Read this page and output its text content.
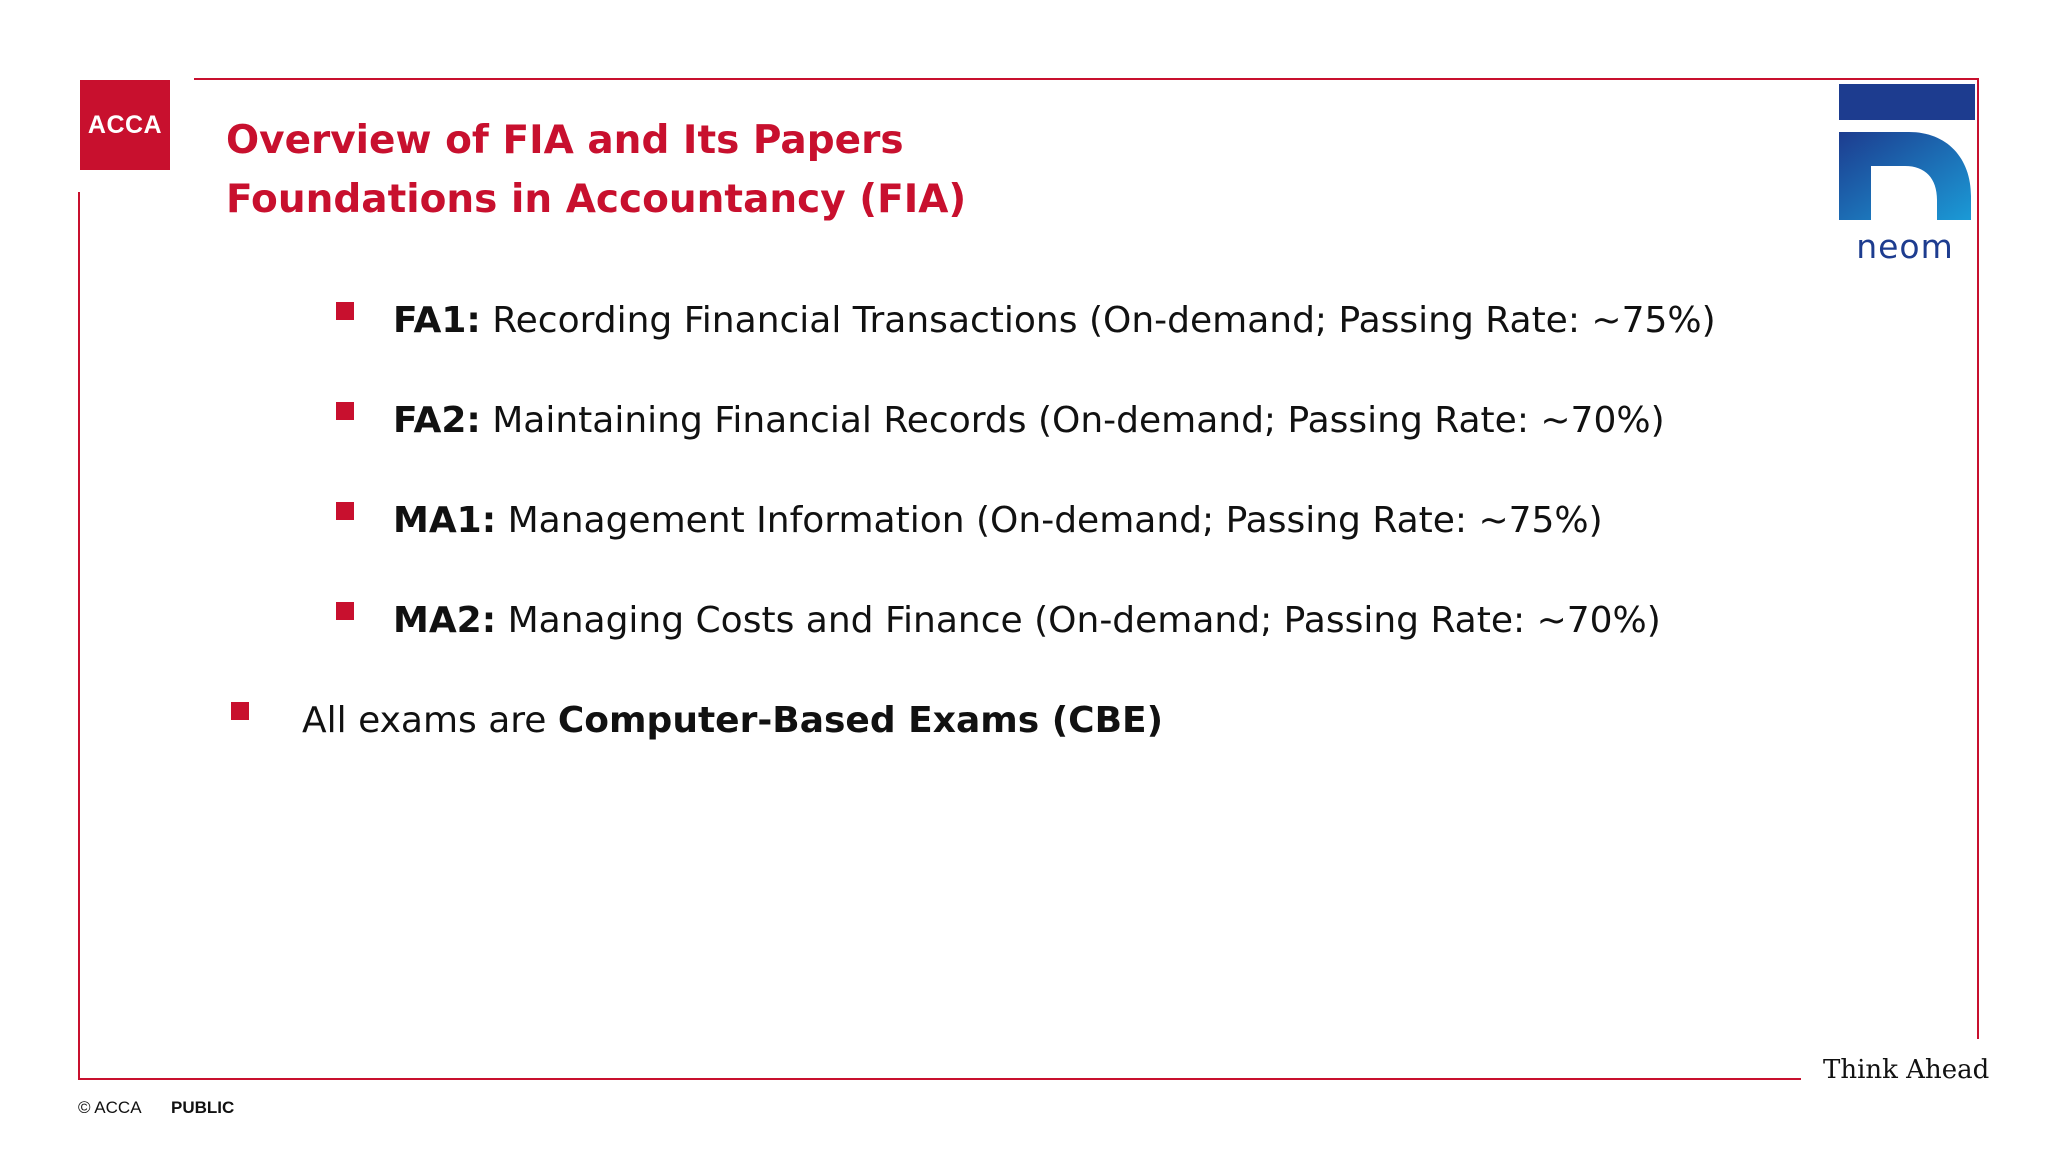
ACCA Overview of FIA and Its Papers
Foundations in Accountancy (FIA)
FA1: Recording Financial Transactions (On-demand; Passing Rate: ~75%)
FA2: Maintaining Financial Records (On-demand; Passing Rate: ~70%)
MA1: Management Information (On-demand; Passing Rate: ~75%)
MA2: Managing Costs and Finance (On-demand; Passing Rate: ~70%)
All exams are Computer-Based Exams (CBE)
neom
Think Ahead
© ACCA PUBLIC
